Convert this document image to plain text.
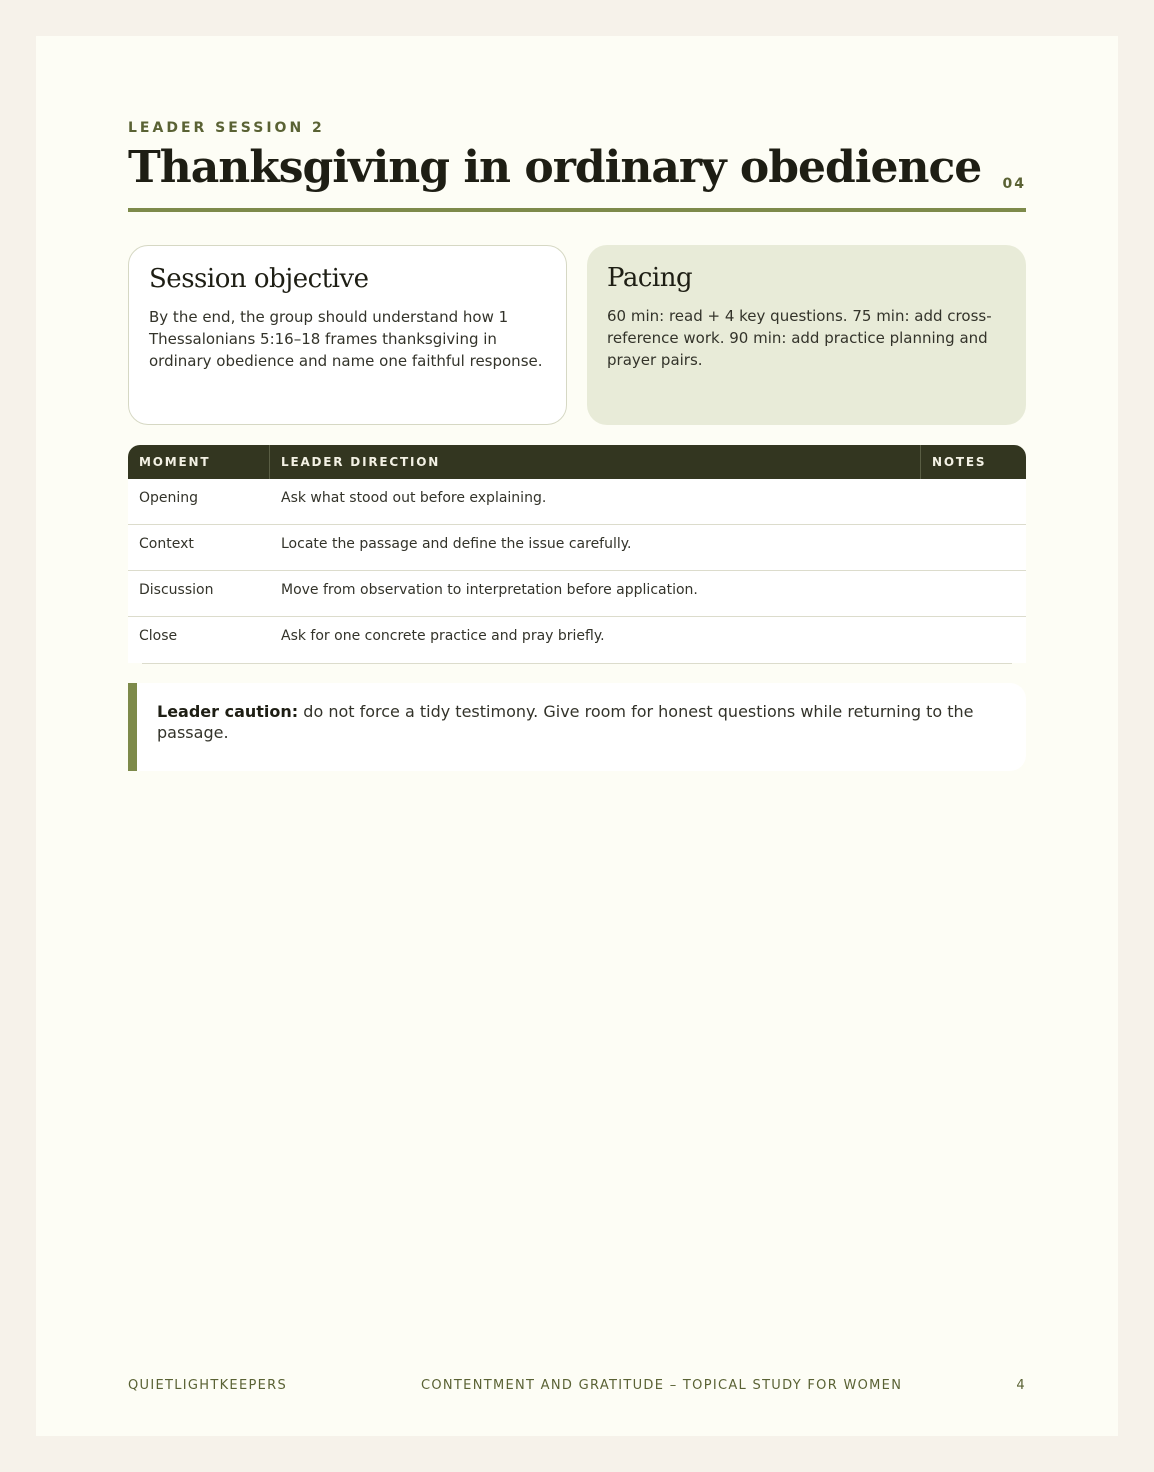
LEADER SESSION 2
Thanksgiving in ordinary obedience 04
Session objective

By the end, the group should understand how 1 Thessalonians 5:16–18 frames thanksgiving in ordinary obedience and name one faithful response.

Pacing

60 min: read + 4 key questions. 75 min: add cross-reference work. 90 min: add practice planning and prayer pairs.

MOMENT	LEADER DIRECTION	NOTES
Opening	Ask what stood out before explaining.
Context	Locate the passage and define the issue carefully.
Discussion	Move from observation to interpretation before application.
Close	Ask for one concrete practice and pray briefly.
Leader caution: do not force a tidy testimony. Give room for honest questions while returning to the passage.
QUIETLIGHTKEEPERS	CONTENTMENT AND GRATITUDE – TOPICAL STUDY FOR WOMEN	4
